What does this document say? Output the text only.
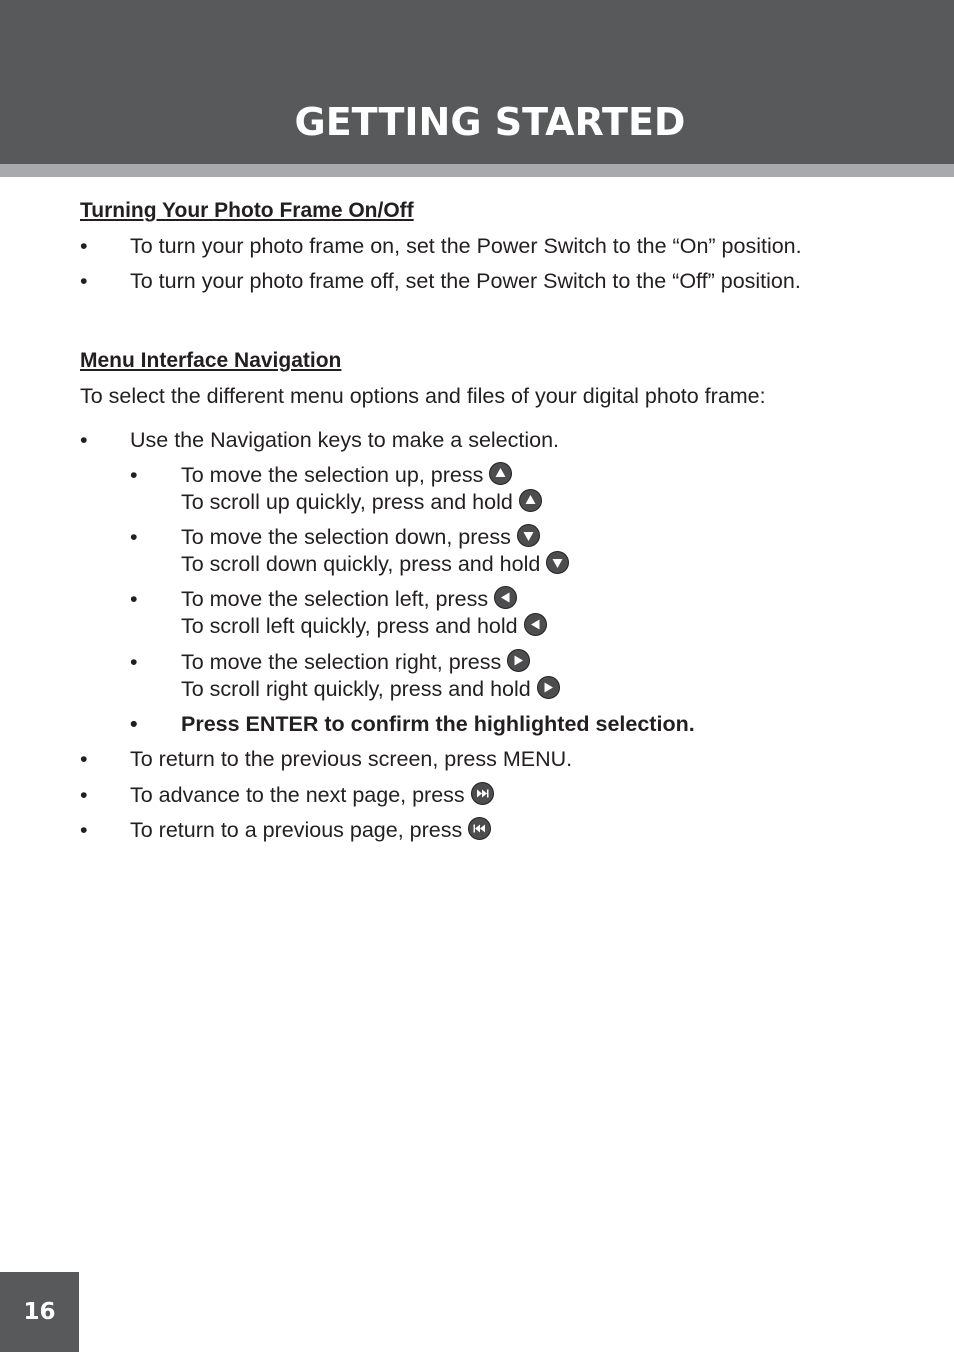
GETTING STARTED
Turning Your Photo Frame On/Off
• To turn your photo frame on, set the Power Switch to the “On” position.
• To turn your photo frame off, set the Power Switch to the “Off” position.
Menu Interface Navigation
To select the different menu options and files of your digital photo frame:
• Use the Navigation keys to make a selection.
• To move the selection up, press
To scroll up quickly, press and hold
• To move the selection down, press
To scroll down quickly, press and hold
• To move the selection left, press
To scroll left quickly, press and hold
• To move the selection right, press
To scroll right quickly, press and hold
• Press ENTER to confirm the highlighted selection.
• To return to the previous screen, press MENU.
• To advance to the next page, press
• To return to a previous page, press
16
